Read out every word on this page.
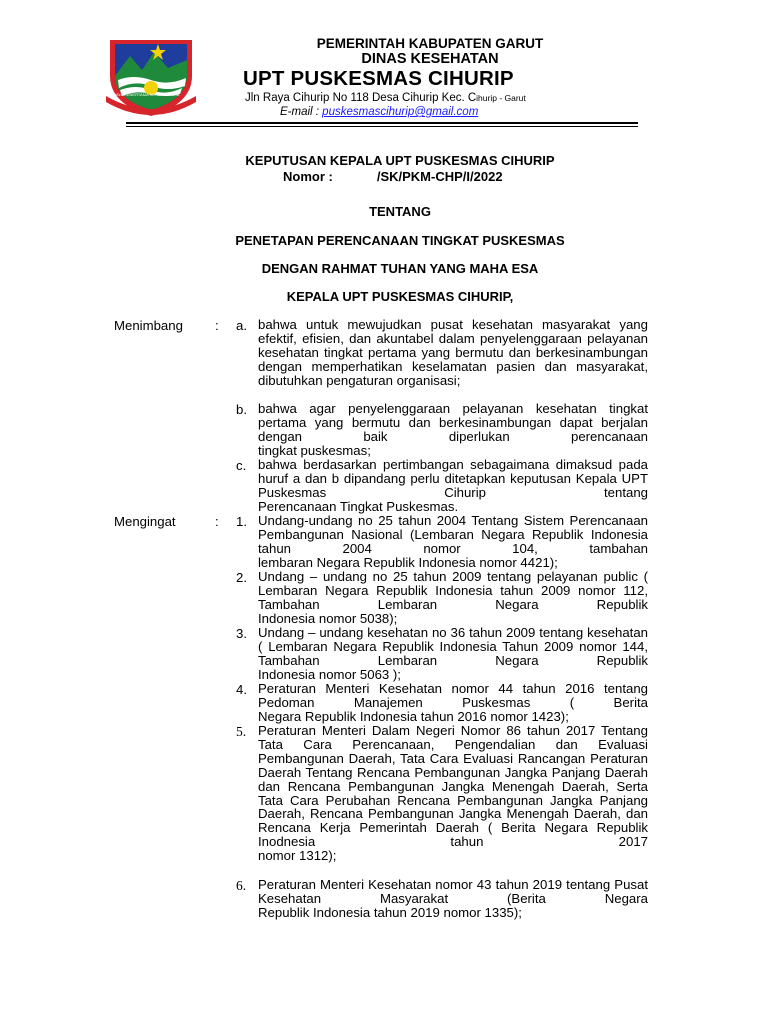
DAYA KENERTAMA KERJA MAHIMA
PEMERINTAH KABUPATEN GARUT
DINAS KESEHATAN
UPT PUSKESMAS CIHURIP
Jln Raya Cihurip No 118 Desa Cihurip Kec. Cihurip - Garut
E-mail : puskesmascihurip@gmail.com
KEPUTUSAN KEPALA UPT PUSKESMAS CIHURIP
Nomor :	/SK/PKM-CHP/I/2022
TENTANG
PENETAPAN PERENCANAAN TINGKAT PUSKESMAS
DENGAN RAHMAT TUHAN YANG MAHA ESA
KEPALA UPT PUSKESMAS CIHURIP,
Menimbang : a. bahwa untuk mewujudkan pusat kesehatan masyarakat yang efektif, efisien, dan akuntabel dalam penyelenggaraan pelayanan kesehatan tingkat pertama yang bermutu dan berkesinambungan dengan memperhatikan keselamatan pasien dan masyarakat,
dibutuhkan pengaturan organisasi;
b. bahwa agar penyelenggaraan pelayanan kesehatan tingkat pertama yang bermutu dan berkesinambungan dapat berjalan dengan baik diperlukan perencanaan
tingkat puskesmas;
c. bahwa berdasarkan pertimbangan sebagaimana dimaksud pada huruf a dan b dipandang perlu ditetapkan keputusan Kepala UPT Puskesmas Cihurip tentang
Perencanaan Tingkat Puskesmas.
Mengingat	: 1. Undang-undang no 25 tahun 2004 Tentang Sistem Perencanaan Pembangunan Nasional (Lembaran Negara Republik Indonesia tahun 2004 nomor 104, tambahan
lembaran Negara Republik Indonesia nomor 4421);
2. Undang – undang no 25 tahun 2009 tentang pelayanan public ( Lembaran Negara Republik Indonesia tahun 2009 nomor 112, Tambahan Lembaran Negara Republik
Indonesia nomor 5038);
3. Undang – undang kesehatan no 36 tahun 2009 tentang kesehatan ( Lembaran Negara Republik Indonesia Tahun 2009 nomor 144, Tambahan Lembaran Negara Republik
Indonesia nomor 5063 );
4. Peraturan Menteri Kesehatan nomor 44 tahun 2016 tentang Pedoman Manajemen Puskesmas ( Berita
Negara Republik Indonesia tahun 2016 nomor 1423);
5. Peraturan Menteri Dalam Negeri Nomor 86 tahun 2017 Tentang Tata Cara Perencanaan, Pengendalian dan Evaluasi Pembangunan Daerah, Tata Cara Evaluasi Rancangan Peraturan Daerah Tentang Rencana Pembangunan Jangka Panjang Daerah dan Rencana Pembangunan Jangka Menengah Daerah, Serta Tata Cara Perubahan Rencana Pembangunan Jangka Panjang Daerah, Rencana Pembangunan Jangka Menengah Daerah, dan Rencana Kerja Pemerintah Daerah ( Berita Negara Republik Inodnesia tahun 2017
nomor 1312);
6. Peraturan Menteri Kesehatan nomor 43 tahun 2019 tentang Pusat Kesehatan Masyarakat (Berita Negara
Republik Indonesia tahun 2019 nomor 1335);
